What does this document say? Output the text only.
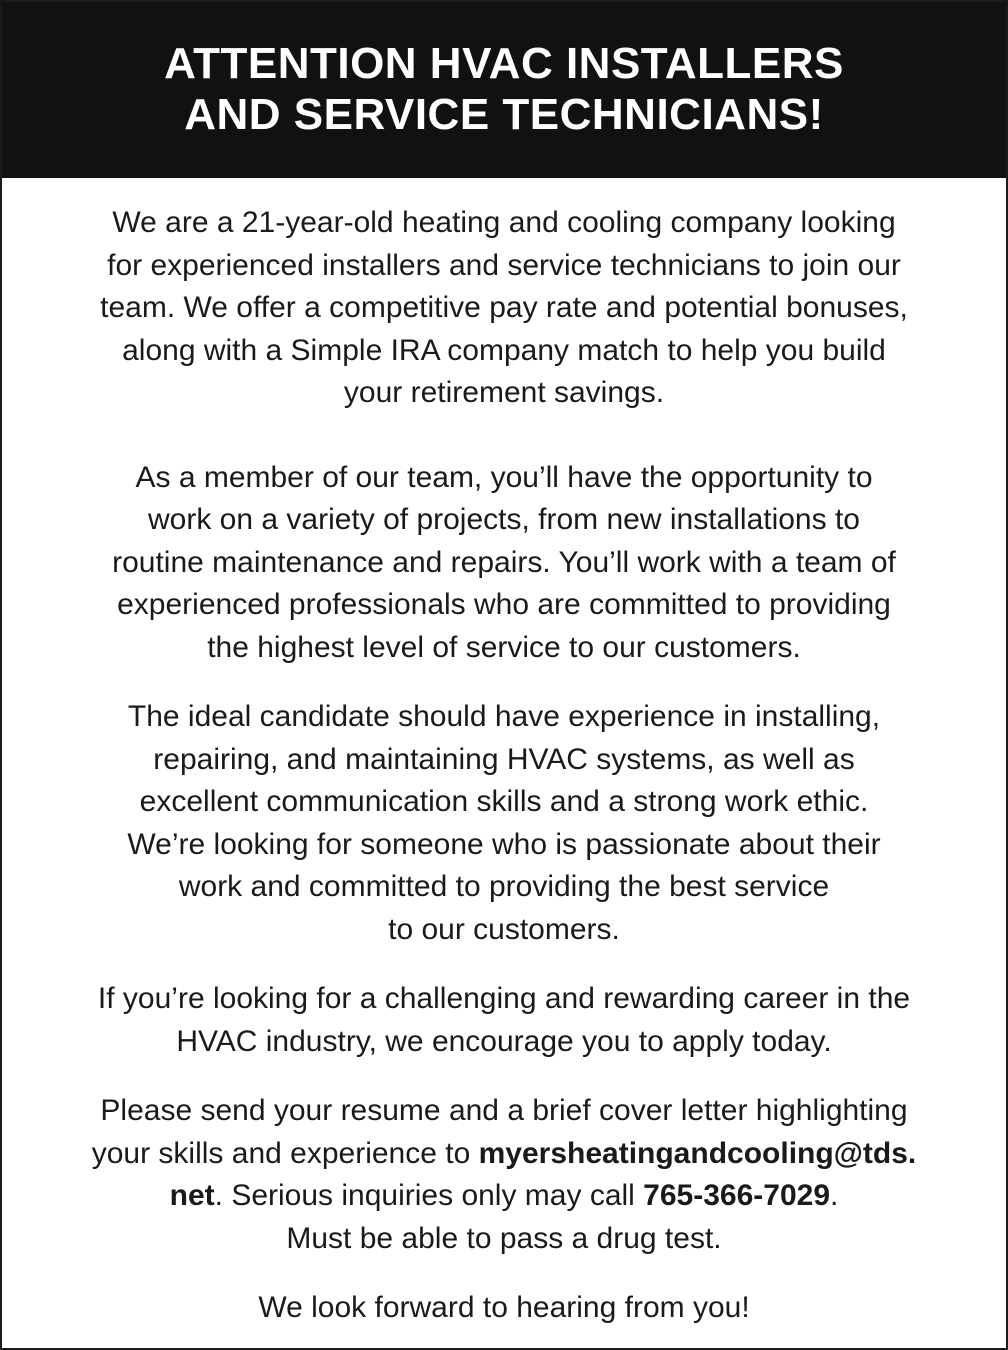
ATTENTION HVAC INSTALLERS
AND SERVICE TECHNICIANS!

We are a 21-year-old heating and cooling company looking
for experienced installers and service technicians to join our
team. We offer a competitive pay rate and potential bonuses,
along with a Simple IRA company match to help you build
your retirement savings.

As a member of our team, you’ll have the opportunity to
work on a variety of projects, from new installations to
routine maintenance and repairs. You’ll work with a team of
experienced professionals who are committed to providing
the highest level of service to our customers.

The ideal candidate should have experience in installing,
repairing, and maintaining HVAC systems, as well as
excellent communication skills and a strong work ethic.
We’re looking for someone who is passionate about their
work and committed to providing the best service
to our customers.

If you’re looking for a challenging and rewarding career in the
HVAC industry, we encourage you to apply today.

Please send your resume and a brief cover letter highlighting
your skills and experience to myersheatingandcooling@tds.
net. Serious inquiries only may call 765-366-7029.
Must be able to pass a drug test.

We look forward to hearing from you!
